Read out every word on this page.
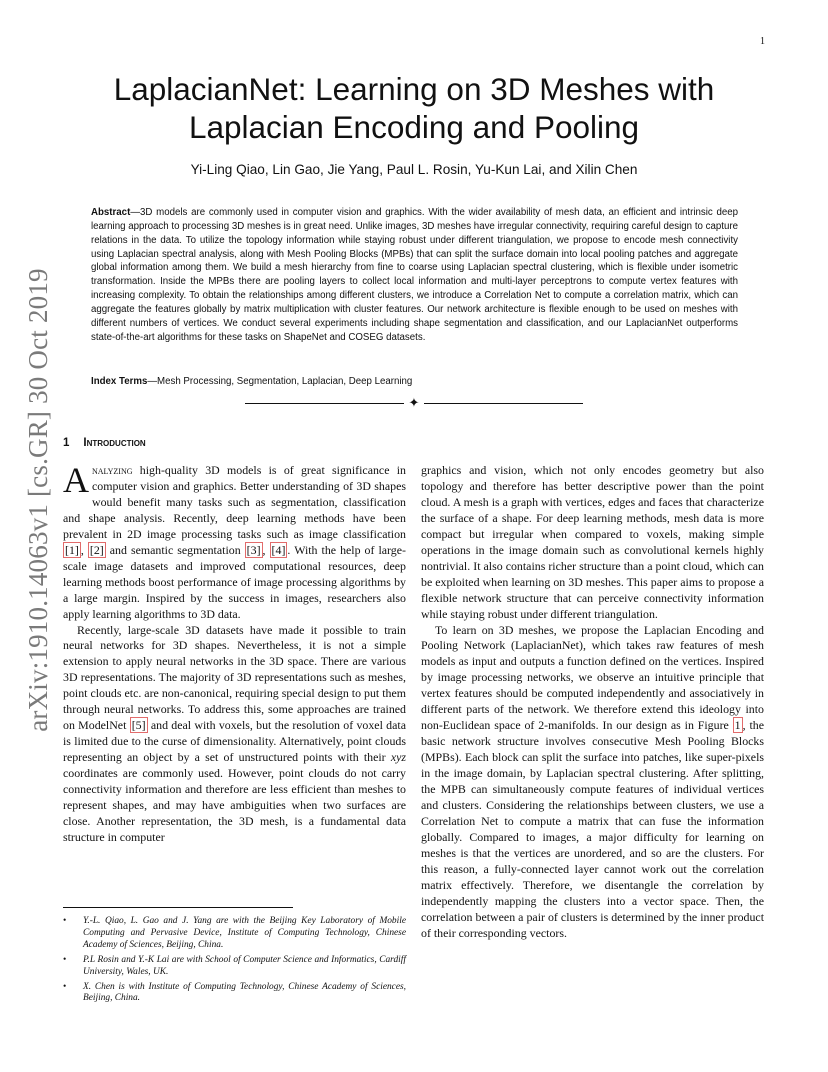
1
arXiv:1910.14063v1 [cs.GR] 30 Oct 2019
LaplacianNet: Learning on 3D Meshes with
Laplacian Encoding and Pooling
Yi-Ling Qiao, Lin Gao, Jie Yang, Paul L. Rosin, Yu-Kun Lai, and Xilin Chen
Abstract—3D models are commonly used in computer vision and graphics. With the wider availability of mesh data, an efficient and intrinsic deep learning approach to processing 3D meshes is in great need. Unlike images, 3D meshes have irregular connectivity, requiring careful design to capture relations in the data. To utilize the topology information while staying robust under different triangulation, we propose to encode mesh connectivity using Laplacian spectral analysis, along with Mesh Pooling Blocks (MPBs) that can split the surface domain into local pooling patches and aggregate global information among them. We build a mesh hierarchy from fine to coarse using Laplacian spectral clustering, which is flexible under isometric transformation. Inside the MPBs there are pooling layers to collect local information and multi-layer perceptrons to compute vertex features with increasing complexity. To obtain the relationships among different clusters, we introduce a Correlation Net to compute a correlation matrix, which can aggregate the features globally by matrix multiplication with cluster features. Our network architecture is flexible enough to be used on meshes with different numbers of vertices. We conduct several experiments including shape segmentation and classification, and our LaplacianNet outperforms state-of-the-art algorithms for these tasks on ShapeNet and COSEG datasets.
Index Terms—Mesh Processing, Segmentation, Laplacian, Deep Learning
✦
1 Introduction

Analyzing high-quality 3D models is of great significance in computer vision and graphics. Better understanding of 3D shapes would benefit many tasks such as segmentation, classification and shape analysis. Recently, deep learning methods have been prevalent in 2D image processing tasks such as image classification [1] , [2] and semantic segmentation [3] , [4] . With the help of large-scale image datasets and improved computational resources, deep learning methods boost performance of image processing algorithms by a large margin. Inspired by the success in images, researchers also apply learning algorithms to 3D data.

Recently, large-scale 3D datasets have made it possible to train neural networks for 3D shapes. Nevertheless, it is not a simple extension to apply neural networks in the 3D space. There are various 3D representations. The majority of 3D representations such as meshes, point clouds etc. are non-canonical, requiring special design to put them through neural networks. To address this, some approaches are trained on ModelNet [5] and deal with voxels, but the resolution of voxel data is limited due to the curse of dimensionality. Alternatively, point clouds representing an object by a set of unstructured points with their xyz coordinates are commonly used. However, point clouds do not carry connectivity information and therefore are less efficient than meshes to represent shapes, and may have ambiguities when two surfaces are close. Another representation, the 3D mesh, is a fundamental data structure in computer

• Y.-L. Qiao, L. Gao and J. Yang are with the Beijing Key Laboratory of Mobile Computing and Pervasive Device, Institute of Computing Technology, Chinese Academy of Sciences, Beijing, China.
• P.L Rosin and Y.-K Lai are with School of Computer Science and Informatics, Cardiff University, Wales, UK.
• X. Chen is with Institute of Computing Technology, Chinese Academy of Sciences, Beijing, China.

graphics and vision, which not only encodes geometry but also topology and therefore has better descriptive power than the point cloud. A mesh is a graph with vertices, edges and faces that characterize the surface of a shape. For deep learning methods, mesh data is more compact but irregular when compared to voxels, making simple operations in the image domain such as convolutional kernels highly nontrivial. It also contains richer structure than a point cloud, which can be exploited when learning on 3D meshes. This paper aims to propose a flexible network structure that can perceive connectivity information while staying robust under different triangulation.

To learn on 3D meshes, we propose the Laplacian Encoding and Pooling Network (LaplacianNet), which takes raw features of mesh models as input and outputs a function defined on the vertices. Inspired by image processing networks, we observe an intuitive principle that vertex features should be computed independently and associatively in different parts of the network. We therefore extend this ideology into non-Euclidean space of 2-manifolds. In our design as in Figure 1 , the basic network structure involves consecutive Mesh Pooling Blocks (MPBs). Each block can split the surface into patches, like super-pixels in the image domain, by Laplacian spectral clustering. After splitting, the MPB can simultaneously compute features of individual vertices and clusters. Considering the relationships between clusters, we use a Correlation Net to compute a matrix that can fuse the information globally. Compared to images, a major difficulty for learning on meshes is that the vertices are unordered, and so are the clusters. For this reason, a fully-connected layer cannot work out the correlation matrix effectively. Therefore, we disentangle the correlation by independently mapping the clusters into a vector space. Then, the correlation between a pair of clusters is determined by the inner product of their corresponding vectors.
